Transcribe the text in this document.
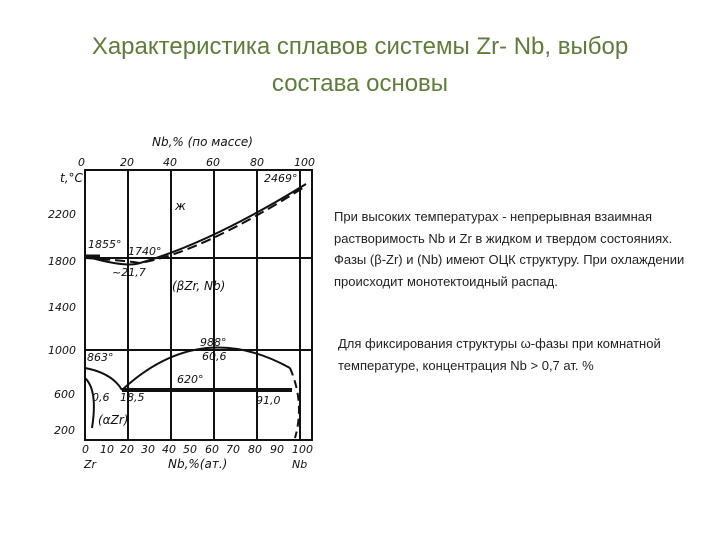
Характеристика сплавов системы Zr- Nb, выбор
состава основы
Nb,% (по массе)
0	20	40	60	80	100
t,°C
2200
1800
1400
1000
600
200
ж
2469°
1855°
1740°
~21,7
(βZr, Nb)
988°
60,6
863°
620°
0,6 18,5	91,0
(αZr)
0 10 20 30 40 50 60 70 80 90 100
Zr	Nb,%(ат.)	Nb
При высоких температурах - непрерывная взаимная растворимость Nb и Zr в жидком и твердом состояниях. Фазы (β-Zr) и (Nb) имеют ОЦК структуру. При охлаждении происходит монотектоидный распад.
Для фиксирования структуры ω-фазы при комнатной температуре, концентрация Nb > 0,7 ат. %
